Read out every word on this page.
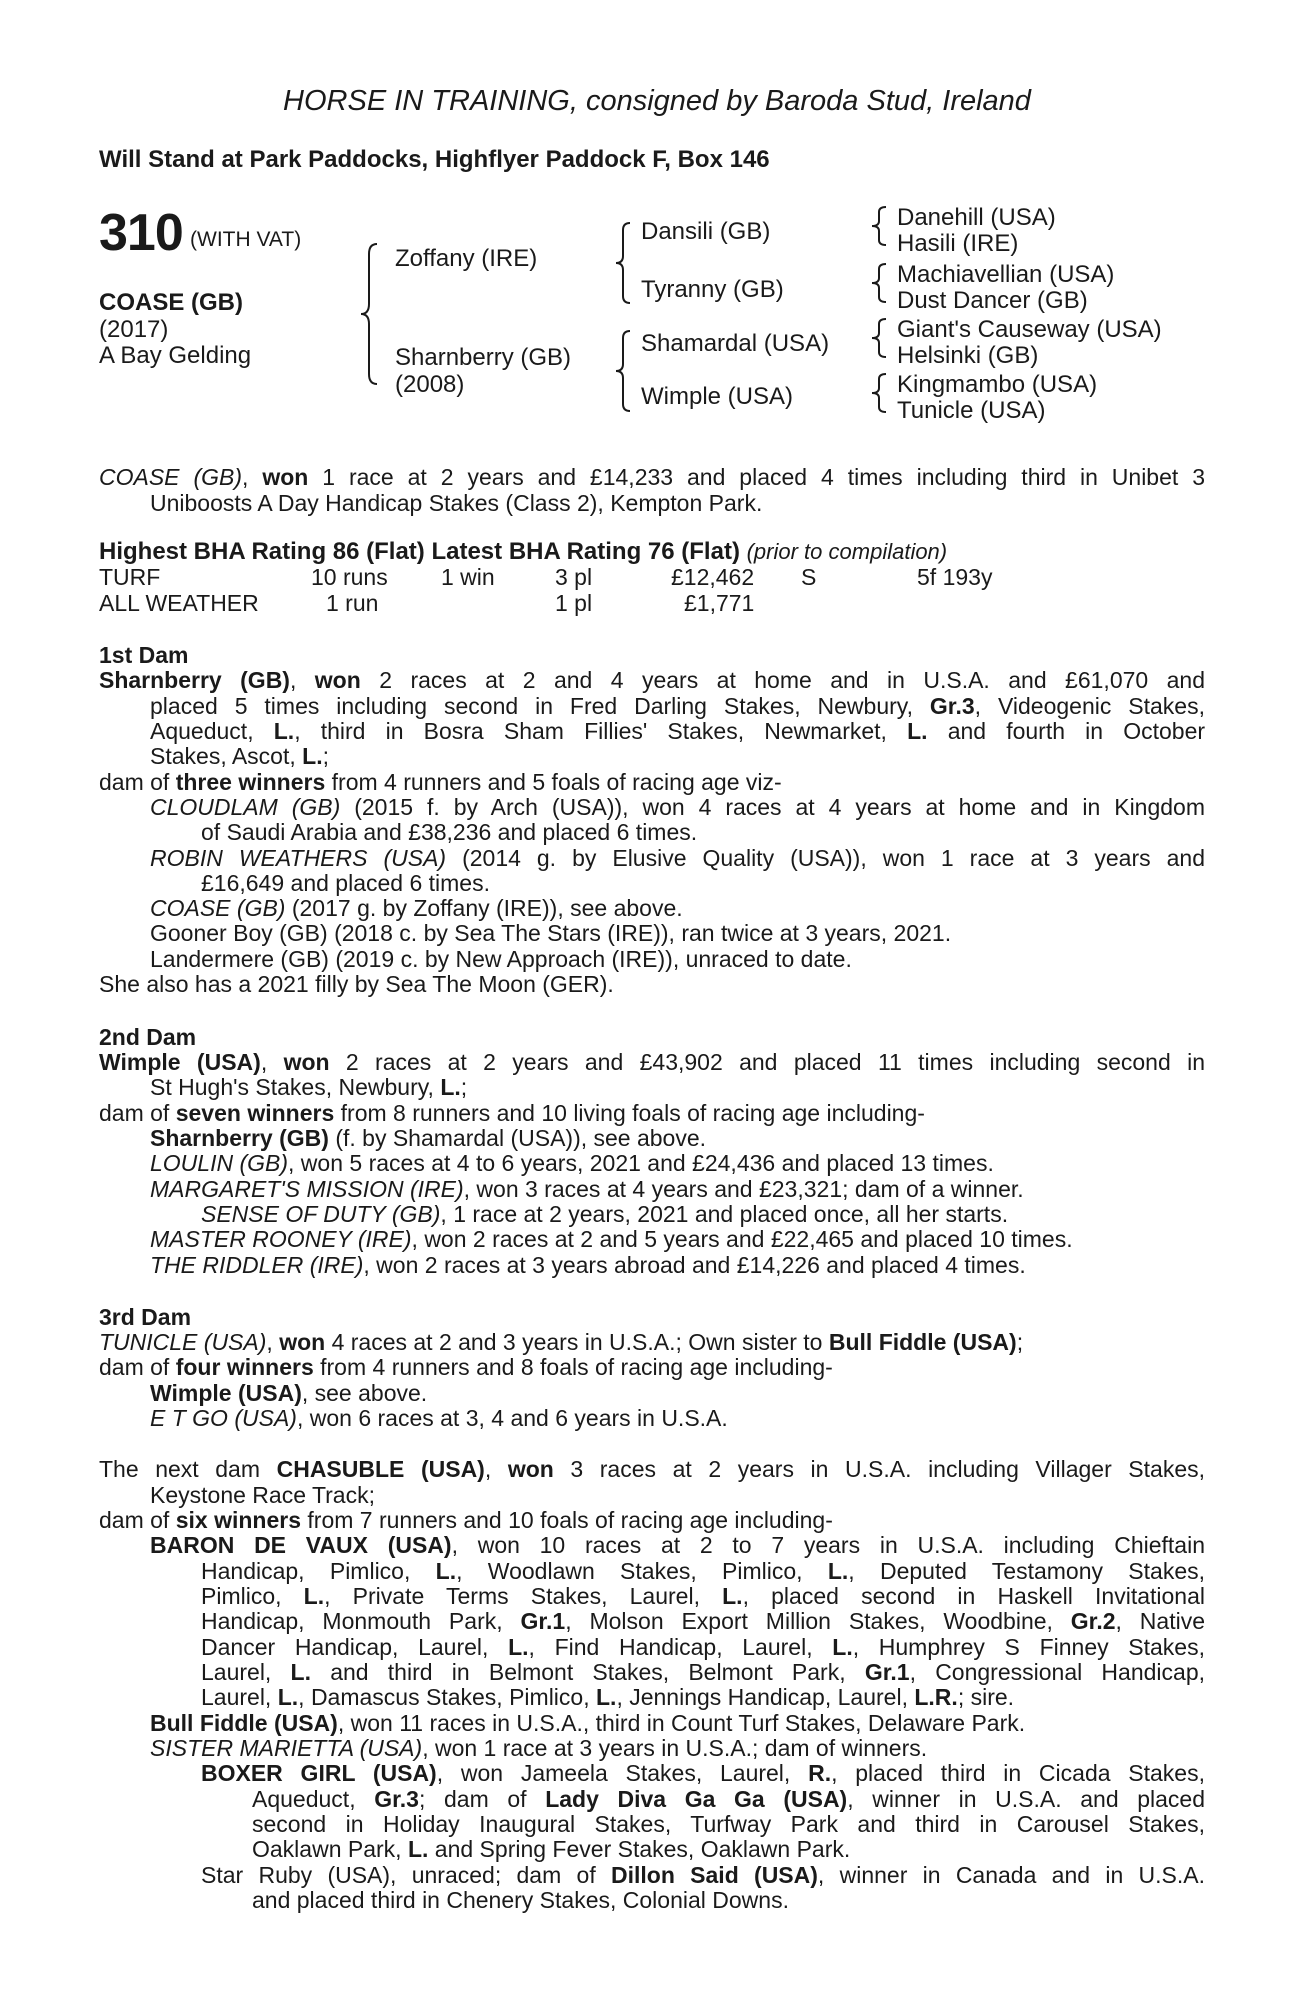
HORSE IN TRAINING, consigned by Baroda Stud, Ireland
Will Stand at Park Paddocks, Highflyer Paddock F, Box 146
310 (WITH VAT)
COASE (GB)
(2017)
A Bay Gelding
Zoffany (IRE)
Sharnberry (GB)
(2008)
Dansili (GB)
Tyranny (GB)
Shamardal (USA)
Wimple (USA)
Danehill (USA)
Hasili (IRE)
Machiavellian (USA)
Dust Dancer (GB)
Giant's Causeway (USA)
Helsinki (GB)
Kingmambo (USA)
Tunicle (USA)
COASE (GB), won 1 race at 2 years and £14,233 and placed 4 times including third in Unibet 3
Uniboosts A Day Handicap Stakes (Class 2), Kempton Park.
Highest BHA Rating 86 (Flat) Latest BHA Rating 76 (Flat) (prior to compilation)
TURF	10 runs 1 win	3 pl	£12,462 S	5f 193y
ALL WEATHER	1 run	1 pl	£1,771
1st Dam
Sharnberry (GB), won 2 races at 2 and 4 years at home and in U.S.A. and £61,070 and
placed 5 times including second in Fred Darling Stakes, Newbury, Gr.3, Videogenic Stakes,
Aqueduct, L., third in Bosra Sham Fillies' Stakes, Newmarket, L. and fourth in October
Stakes, Ascot, L.;
dam of three winners from 4 runners and 5 foals of racing age viz-
CLOUDLAM (GB) (2015 f. by Arch (USA)), won 4 races at 4 years at home and in Kingdom
of Saudi Arabia and £38,236 and placed 6 times.
ROBIN WEATHERS (USA) (2014 g. by Elusive Quality (USA)), won 1 race at 3 years and
£16,649 and placed 6 times.
COASE (GB) (2017 g. by Zoffany (IRE)), see above.
Gooner Boy (GB) (2018 c. by Sea The Stars (IRE)), ran twice at 3 years, 2021.
Landermere (GB) (2019 c. by New Approach (IRE)), unraced to date.
She also has a 2021 filly by Sea The Moon (GER).
2nd Dam
Wimple (USA), won 2 races at 2 years and £43,902 and placed 11 times including second in
St Hugh's Stakes, Newbury, L.;
dam of seven winners from 8 runners and 10 living foals of racing age including-
Sharnberry (GB) (f. by Shamardal (USA)), see above.
LOULIN (GB), won 5 races at 4 to 6 years, 2021 and £24,436 and placed 13 times.
MARGARET'S MISSION (IRE), won 3 races at 4 years and £23,321; dam of a winner.
SENSE OF DUTY (GB), 1 race at 2 years, 2021 and placed once, all her starts.
MASTER ROONEY (IRE), won 2 races at 2 and 5 years and £22,465 and placed 10 times.
THE RIDDLER (IRE), won 2 races at 3 years abroad and £14,226 and placed 4 times.
3rd Dam
TUNICLE (USA), won 4 races at 2 and 3 years in U.S.A.; Own sister to Bull Fiddle (USA);
dam of four winners from 4 runners and 8 foals of racing age including-
Wimple (USA), see above.
E T GO (USA), won 6 races at 3, 4 and 6 years in U.S.A.
The next dam CHASUBLE (USA), won 3 races at 2 years in U.S.A. including Villager Stakes,
Keystone Race Track;
dam of six winners from 7 runners and 10 foals of racing age including-
BARON DE VAUX (USA), won 10 races at 2 to 7 years in U.S.A. including Chieftain
Handicap, Pimlico, L., Woodlawn Stakes, Pimlico, L., Deputed Testamony Stakes,
Pimlico, L., Private Terms Stakes, Laurel, L., placed second in Haskell Invitational
Handicap, Monmouth Park, Gr.1, Molson Export Million Stakes, Woodbine, Gr.2, Native
Dancer Handicap, Laurel, L., Find Handicap, Laurel, L., Humphrey S Finney Stakes,
Laurel, L. and third in Belmont Stakes, Belmont Park, Gr.1, Congressional Handicap,
Laurel, L., Damascus Stakes, Pimlico, L., Jennings Handicap, Laurel, L.R.; sire.
Bull Fiddle (USA), won 11 races in U.S.A., third in Count Turf Stakes, Delaware Park.
SISTER MARIETTA (USA), won 1 race at 3 years in U.S.A.; dam of winners.
BOXER GIRL (USA), won Jameela Stakes, Laurel, R., placed third in Cicada Stakes,
Aqueduct, Gr.3; dam of Lady Diva Ga Ga (USA), winner in U.S.A. and placed
second in Holiday Inaugural Stakes, Turfway Park and third in Carousel Stakes,
Oaklawn Park, L. and Spring Fever Stakes, Oaklawn Park.
Star Ruby (USA), unraced; dam of Dillon Said (USA), winner in Canada and in U.S.A.
and placed third in Chenery Stakes, Colonial Downs.
